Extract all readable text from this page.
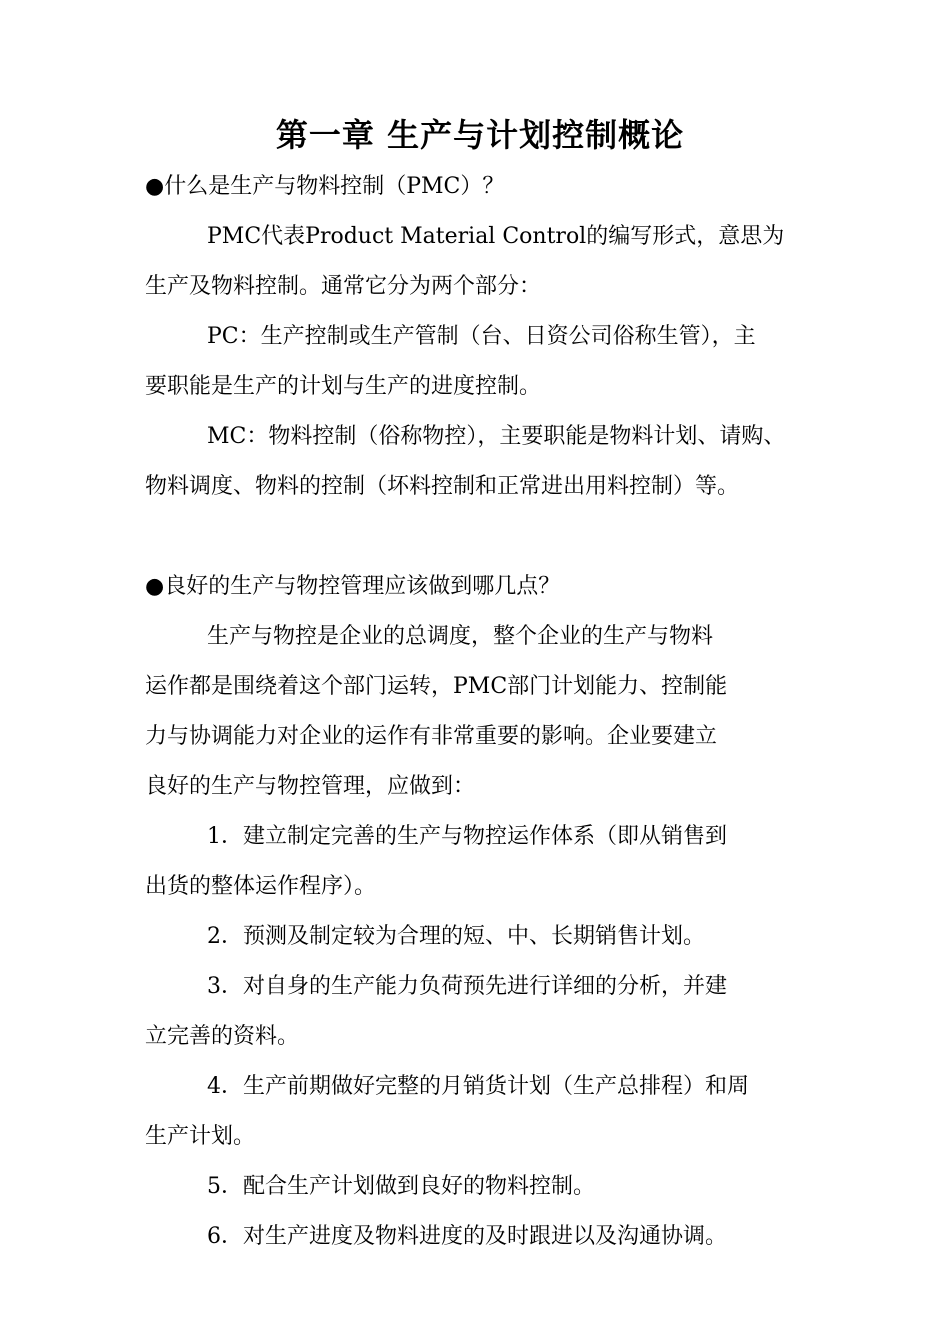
第一章 生产与计划控制概论
●什么是生产与物料控制（PMC）？
PMC代表Product Material Control的编写形式，意思为
生产及物料控制。通常它分为两个部分：
PC：生产控制或生产管制（台、日资公司俗称生管），主
要职能是生产的计划与生产的进度控制。
MC：物料控制（俗称物控），主要职能是物料计划、请购、
物料调度、物料的控制（坏料控制和正常进出用料控制）等。
●良好的生产与物控管理应该做到哪几点？
生产与物控是企业的总调度，整个企业的生产与物料
运作都是围绕着这个部门运转，PMC部门计划能力、控制能
力与协调能力对企业的运作有非常重要的影响。企业要建立
良好的生产与物控管理，应做到：
1．建立制定完善的生产与物控运作体系（即从销售到
出货的整体运作程序）。
2．预测及制定较为合理的短、中、长期销售计划。
3．对自身的生产能力负荷预先进行详细的分析，并建
立完善的资料。
4．生产前期做好完整的月销货计划（生产总排程）和周
生产计划。
5．配合生产计划做到良好的物料控制。
6．对生产进度及物料进度的及时跟进以及沟通协调。
